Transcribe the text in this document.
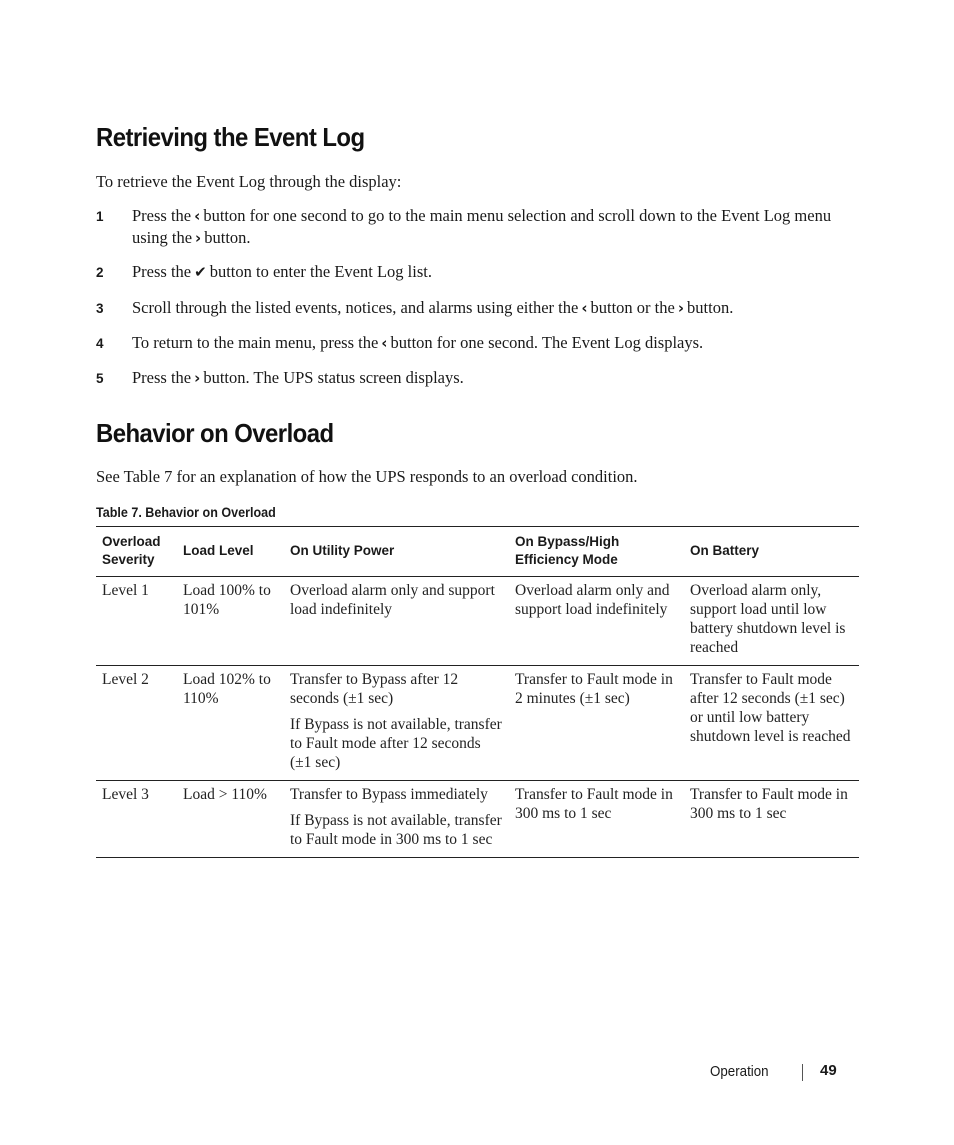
Retrieving the Event Log

To retrieve the Event Log through the display:

1 Press the ‹ button for one second to go to the main menu selection and scroll down to the Event Log menu using the › button.
2 Press the ✔ button to enter the Event Log list.
3 Scroll through the listed events, notices, and alarms using either the ‹ button or the › button.
4 To return to the main menu, press the ‹ button for one second. The Event Log displays.
5 Press the › button. The UPS status screen displays.
Behavior on Overload

See Table 7 for an explanation of how the UPS responds to an overload condition.

Table 7. Behavior on Overload
Overload Severity	Load Level	On Utility Power	On Bypass/High Efficiency Mode	On Battery
Level 1	Load 100% to 101%	Overload alarm only and support load indefinitely	Overload alarm only and support load indefinitely	Overload alarm only, support load until low battery shutdown level is reached
Level 2	Load 102% to 110%	Transfer to Bypass after 12 seconds (±1 sec)

If Bypass is not available, transfer to Fault mode after 12 seconds (±1 sec)	Transfer to Fault mode in 2 minutes (±1 sec)	Transfer to Fault mode after 12 seconds (±1 sec) or until low battery shutdown level is reached
Level 3	Load > 110%	Transfer to Bypass immediately

If Bypass is not available, transfer to Fault mode in 300 ms to 1 sec	Transfer to Fault mode in 300 ms to 1 sec	Transfer to Fault mode in 300 ms to 1 sec
Operation	49
